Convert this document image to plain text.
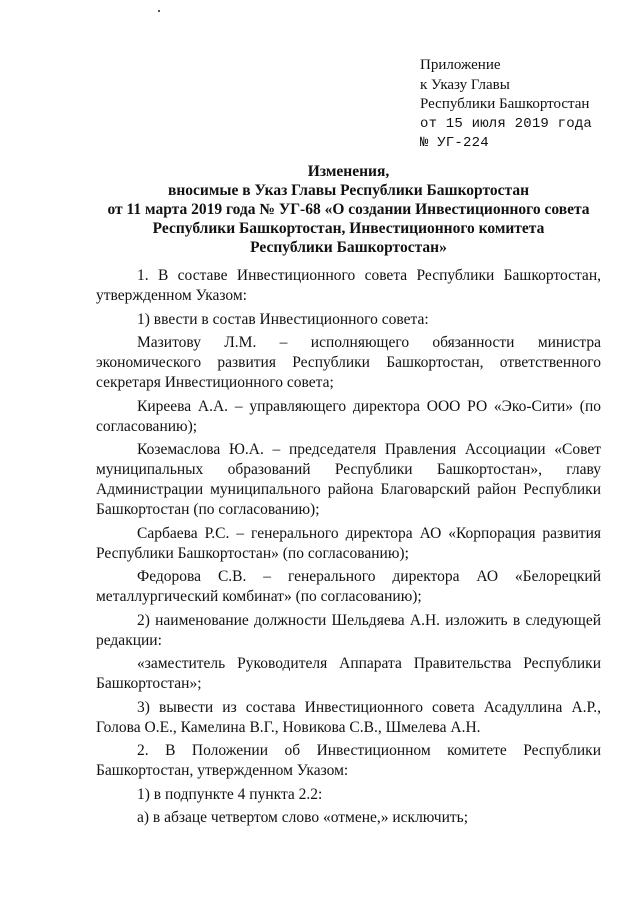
Приложение
к Указу Главы
Республики Башкортостан
от 15 июля 2019 года
№ УГ-224
Изменения,
вносимые в Указ Главы Республики Башкортостан
от 11 марта 2019 года № УГ-68 «О создании Инвестиционного совета
Республики Башкортостан, Инвестиционного комитета
Республики Башкортостан»

1. В составе Инвестиционного совета Республики Башкортостан, утвержденном Указом:

1) ввести в состав Инвестиционного совета:

Мазитову Л.М. – исполняющего обязанности министра экономического развития Республики Башкортостан, ответственного секретаря Инвестиционного совета;

Киреева А.А. – управляющего директора ООО РО «Эко-Сити» (по согласованию);

Коземаслова Ю.А. – председателя Правления Ассоциации «Совет муниципальных образований Республики Башкортостан», главу Администрации муниципального района Благоварский район Республики Башкортостан (по согласованию);

Сарбаева Р.С. – генерального директора АО «Корпорация развития Республики Башкортостан» (по согласованию);

Федорова С.В. – генерального директора АО «Белорецкий металлургический комбинат» (по согласованию);

2) наименование должности Шельдяева А.Н. изложить в следующей редакции:

«заместитель Руководителя Аппарата Правительства Республики Башкортостан»;

3) вывести из состава Инвестиционного совета Асадуллина А.Р., Голова О.Е., Камелина В.Г., Новикова С.В., Шмелева А.Н.

2. В Положении об Инвестиционном комитете Республики Башкортостан, утвержденном Указом:

1) в подпункте 4 пункта 2.2:

а) в абзаце четвертом слово «отмене,» исключить;
